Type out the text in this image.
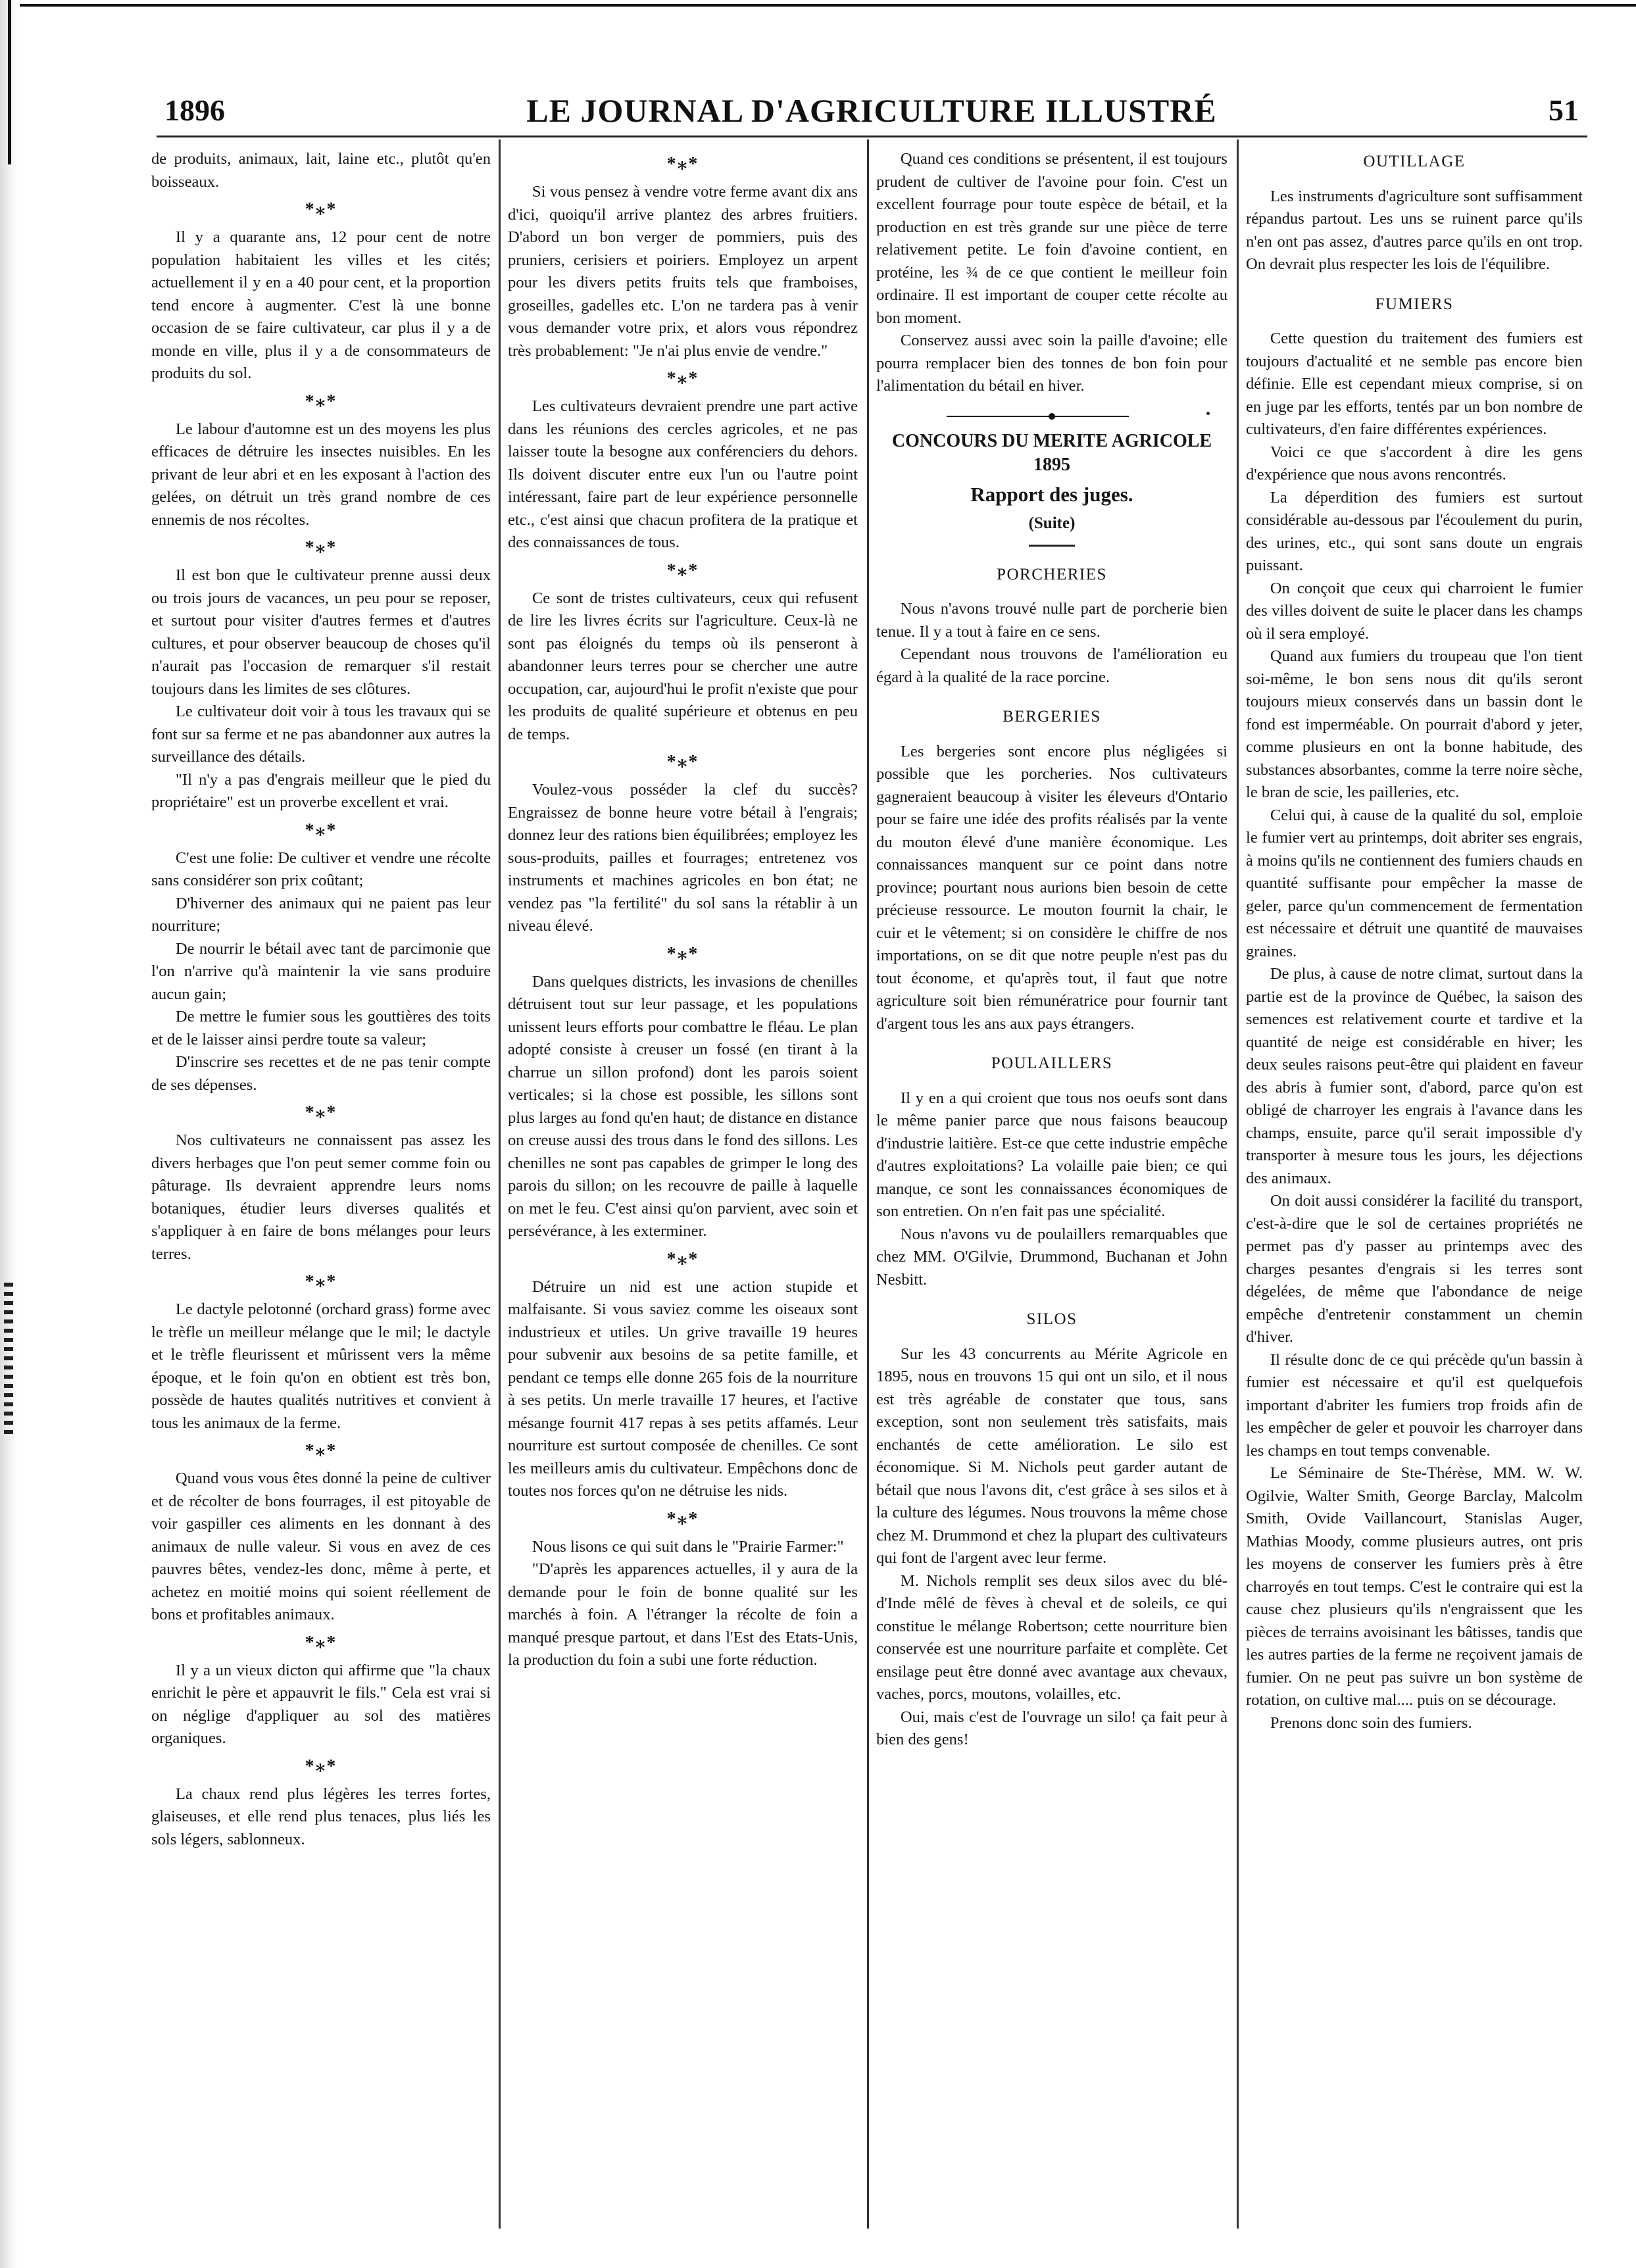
1896	LE JOURNAL D'AGRICULTURE ILLUSTRÉ	51

de produits, animaux, lait, laine etc., plutôt qu'en boisseaux.

*⁎*

Il y a quarante ans, 12 pour cent de notre population habitaient les villes et les cités; actuellement il y en a 40 pour cent, et la proportion tend encore à augmenter. C'est là une bonne occasion de se faire cultivateur, car plus il y a de monde en ville, plus il y a de consommateurs de produits du sol.

*⁎*

Le labour d'automne est un des moyens les plus efficaces de détruire les insectes nuisibles. En les privant de leur abri et en les exposant à l'action des gelées, on détruit un très grand nombre de ces ennemis de nos récoltes.

*⁎*

Il est bon que le cultivateur prenne aussi deux ou trois jours de vacances, un peu pour se reposer, et surtout pour visiter d'autres fermes et d'autres cultures, et pour observer beaucoup de choses qu'il n'aurait pas l'occasion de remarquer s'il restait toujours dans les limites de ses clôtures.

Le cultivateur doit voir à tous les travaux qui se font sur sa ferme et ne pas abandonner aux autres la surveillance des détails.

"Il n'y a pas d'engrais meilleur que le pied du propriétaire" est un proverbe excellent et vrai.

*⁎*

C'est une folie: De cultiver et vendre une récolte sans considérer son prix coûtant;

D'hiverner des animaux qui ne paient pas leur nourriture;

De nourrir le bétail avec tant de parcimonie que l'on n'arrive qu'à maintenir la vie sans produire aucun gain;

De mettre le fumier sous les gouttières des toits et de le laisser ainsi perdre toute sa valeur;

D'inscrire ses recettes et de ne pas tenir compte de ses dépenses.

*⁎*

Nos cultivateurs ne connaissent pas assez les divers herbages que l'on peut semer comme foin ou pâturage. Ils devraient apprendre leurs noms botaniques, étudier leurs diverses qualités et s'appliquer à en faire de bons mélanges pour leurs terres.

*⁎*

Le dactyle pelotonné (orchard grass) forme avec le trèfle un meilleur mélange que le mil; le dactyle et le trèfle fleurissent et mûrissent vers la même époque, et le foin qu'on en obtient est très bon, possède de hautes qualités nutritives et convient à tous les animaux de la ferme.

*⁎*

Quand vous vous êtes donné la peine de cultiver et de récolter de bons fourrages, il est pitoyable de voir gaspiller ces aliments en les donnant à des animaux de nulle valeur. Si vous en avez de ces pauvres bêtes, vendez-les donc, même à perte, et achetez en moitié moins qui soient réellement de bons et profitables animaux.

*⁎*

Il y a un vieux dicton qui affirme que "la chaux enrichit le père et appauvrit le fils." Cela est vrai si on néglige d'appliquer au sol des matières organiques.

*⁎*

La chaux rend plus légères les terres fortes, glaiseuses, et elle rend plus tenaces, plus liés les sols légers, sablonneux.

*⁎*

Si vous pensez à vendre votre ferme avant dix ans d'ici, quoiqu'il arrive plantez des arbres fruitiers. D'abord un bon verger de pommiers, puis des pruniers, cerisiers et poiriers. Employez un arpent pour les divers petits fruits tels que framboises, groseilles, gadelles etc. L'on ne tardera pas à venir vous demander votre prix, et alors vous répondrez très probablement: "Je n'ai plus envie de vendre."

*⁎*

Les cultivateurs devraient prendre une part active dans les réunions des cercles agricoles, et ne pas laisser toute la besogne aux conférenciers du dehors. Ils doivent discuter entre eux l'un ou l'autre point intéressant, faire part de leur expérience personnelle etc., c'est ainsi que chacun profitera de la pratique et des connaissances de tous.

*⁎*

Ce sont de tristes cultivateurs, ceux qui refusent de lire les livres écrits sur l'agriculture. Ceux-là ne sont pas éloignés du temps où ils penseront à abandonner leurs terres pour se chercher une autre occupation, car, aujourd'hui le profit n'existe que pour les produits de qualité supérieure et obtenus en peu de temps.

*⁎*

Voulez-vous posséder la clef du succès? Engraissez de bonne heure votre bétail à l'engrais; donnez leur des rations bien équilibrées; employez les sous-produits, pailles et fourrages; entretenez vos instruments et machines agricoles en bon état; ne vendez pas "la fertilité" du sol sans la rétablir à un niveau élevé.

*⁎*

Dans quelques districts, les invasions de chenilles détruisent tout sur leur passage, et les populations unissent leurs efforts pour combattre le fléau. Le plan adopté consiste à creuser un fossé (en tirant à la charrue un sillon profond) dont les parois soient verticales; si la chose est possible, les sillons sont plus larges au fond qu'en haut; de distance en distance on creuse aussi des trous dans le fond des sillons. Les chenilles ne sont pas capables de grimper le long des parois du sillon; on les recouvre de paille à laquelle on met le feu. C'est ainsi qu'on parvient, avec soin et persévérance, à les exterminer.

*⁎*

Détruire un nid est une action stupide et malfaisante. Si vous saviez comme les oiseaux sont industrieux et utiles. Un grive travaille 19 heures pour subvenir aux besoins de sa petite famille, et pendant ce temps elle donne 265 fois de la nourriture à ses petits. Un merle travaille 17 heures, et l'active mésange fournit 417 repas à ses petits affamés. Leur nourriture est surtout composée de chenilles. Ce sont les meilleurs amis du cultivateur. Empêchons donc de toutes nos forces qu'on ne détruise les nids.

*⁎*

Nous lisons ce qui suit dans le "Prairie Farmer:"

"D'après les apparences actuelles, il y aura de la demande pour le foin de bonne qualité sur les marchés à foin. A l'étranger la récolte de foin a manqué presque partout, et dans l'Est des Etats-Unis, la production du foin a subi une forte réduction.

Quand ces conditions se présentent, il est toujours prudent de cultiver de l'avoine pour foin. C'est un excellent fourrage pour toute espèce de bétail, et la production en est très grande sur une pièce de terre relativement petite. Le foin d'avoine contient, en protéine, les ¾ de ce que contient le meilleur foin ordinaire. Il est important de couper cette récolte au bon moment.

Conservez aussi avec soin la paille d'avoine; elle pourra remplacer bien des tonnes de bon foin pour l'alimentation du bétail en hiver.

CONCOURS DU MERITE AGRICOLE 1895
Rapport des juges.
(Suite)
PORCHERIES

Nous n'avons trouvé nulle part de porcherie bien tenue. Il y a tout à faire en ce sens.

Cependant nous trouvons de l'amélioration eu égard à la qualité de la race porcine.

BERGERIES

Les bergeries sont encore plus négligées si possible que les porcheries. Nos cultivateurs gagneraient beaucoup à visiter les éleveurs d'Ontario pour se faire une idée des profits réalisés par la vente du mouton élevé d'une manière économique. Les connaissances manquent sur ce point dans notre province; pourtant nous aurions bien besoin de cette précieuse ressource. Le mouton fournit la chair, le cuir et le vêtement; si on considère le chiffre de nos importations, on se dit que notre peuple n'est pas du tout économe, et qu'après tout, il faut que notre agriculture soit bien rémunératrice pour fournir tant d'argent tous les ans aux pays étrangers.

POULAILLERS

Il y en a qui croient que tous nos oeufs sont dans le même panier parce que nous faisons beaucoup d'industrie laitière. Est-ce que cette industrie empêche d'autres exploitations? La volaille paie bien; ce qui manque, ce sont les connaissances économiques de son entretien. On n'en fait pas une spécialité.

Nous n'avons vu de poulaillers remarquables que chez MM. O'Gilvie, Drummond, Buchanan et John Nesbitt.

SILOS

Sur les 43 concurrents au Mérite Agricole en 1895, nous en trouvons 15 qui ont un silo, et il nous est très agréable de constater que tous, sans exception, sont non seulement très satisfaits, mais enchantés de cette amélioration. Le silo est économique. Si M. Nichols peut garder autant de bétail que nous l'avons dit, c'est grâce à ses silos et à la culture des légumes. Nous trouvons la même chose chez M. Drummond et chez la plupart des cultivateurs qui font de l'argent avec leur ferme.

M. Nichols remplit ses deux silos avec du blé-d'Inde mêlé de fèves à cheval et de soleils, ce qui constitue le mélange Robertson; cette nourriture bien conservée est une nourriture parfaite et complète. Cet ensilage peut être donné avec avantage aux chevaux, vaches, porcs, moutons, volailles, etc.

Oui, mais c'est de l'ouvrage un silo! ça fait peur à bien des gens!

OUTILLAGE

Les instruments d'agriculture sont suffisamment répandus partout. Les uns se ruinent parce qu'ils n'en ont pas assez, d'autres parce qu'ils en ont trop. On devrait plus respecter les lois de l'équilibre.

FUMIERS

Cette question du traitement des fumiers est toujours d'actualité et ne semble pas encore bien définie. Elle est cependant mieux comprise, si on en juge par les efforts, tentés par un bon nombre de cultivateurs, d'en faire différentes expériences.

Voici ce que s'accordent à dire les gens d'expérience que nous avons rencontrés.

La déperdition des fumiers est surtout considérable au-dessous par l'écoulement du purin, des urines, etc., qui sont sans doute un engrais puissant.

On conçoit que ceux qui charroient le fumier des villes doivent de suite le placer dans les champs où il sera employé.

Quand aux fumiers du troupeau que l'on tient soi-même, le bon sens nous dit qu'ils seront toujours mieux conservés dans un bassin dont le fond est imperméable. On pourrait d'abord y jeter, comme plusieurs en ont la bonne habitude, des substances absorbantes, comme la terre noire sèche, le bran de scie, les pailleries, etc.

Celui qui, à cause de la qualité du sol, emploie le fumier vert au printemps, doit abriter ses engrais, à moins qu'ils ne contiennent des fumiers chauds en quantité suffisante pour empêcher la masse de geler, parce qu'un commencement de fermentation est nécessaire et détruit une quantité de mauvaises graines.

De plus, à cause de notre climat, surtout dans la partie est de la province de Québec, la saison des semences est relativement courte et tardive et la quantité de neige est considérable en hiver; les deux seules raisons peut-être qui plaident en faveur des abris à fumier sont, d'abord, parce qu'on est obligé de charroyer les engrais à l'avance dans les champs, ensuite, parce qu'il serait impossible d'y transporter à mesure tous les jours, les déjections des animaux.

On doit aussi considérer la facilité du transport, c'est-à-dire que le sol de certaines propriétés ne permet pas d'y passer au printemps avec des charges pesantes d'engrais si les terres sont dégelées, de même que l'abondance de neige empêche d'entretenir constamment un chemin d'hiver.

Il résulte donc de ce qui précède qu'un bassin à fumier est nécessaire et qu'il est quelquefois important d'abriter les fumiers trop froids afin de les empêcher de geler et pouvoir les charroyer dans les champs en tout temps convenable.

Le Séminaire de Ste-Thérèse, MM. W. W. Ogilvie, Walter Smith, George Barclay, Malcolm Smith, Ovide Vaillancourt, Stanislas Auger, Mathias Moody, comme plusieurs autres, ont pris les moyens de conserver les fumiers près à être charroyés en tout temps. C'est le contraire qui est la cause chez plusieurs qu'ils n'engraissent que les pièces de terrains avoisinant les bâtisses, tandis que les autres parties de la ferme ne reçoivent jamais de fumier. On ne peut pas suivre un bon système de rotation, on cultive mal.... puis on se décourage.

Prenons donc soin des fumiers.
